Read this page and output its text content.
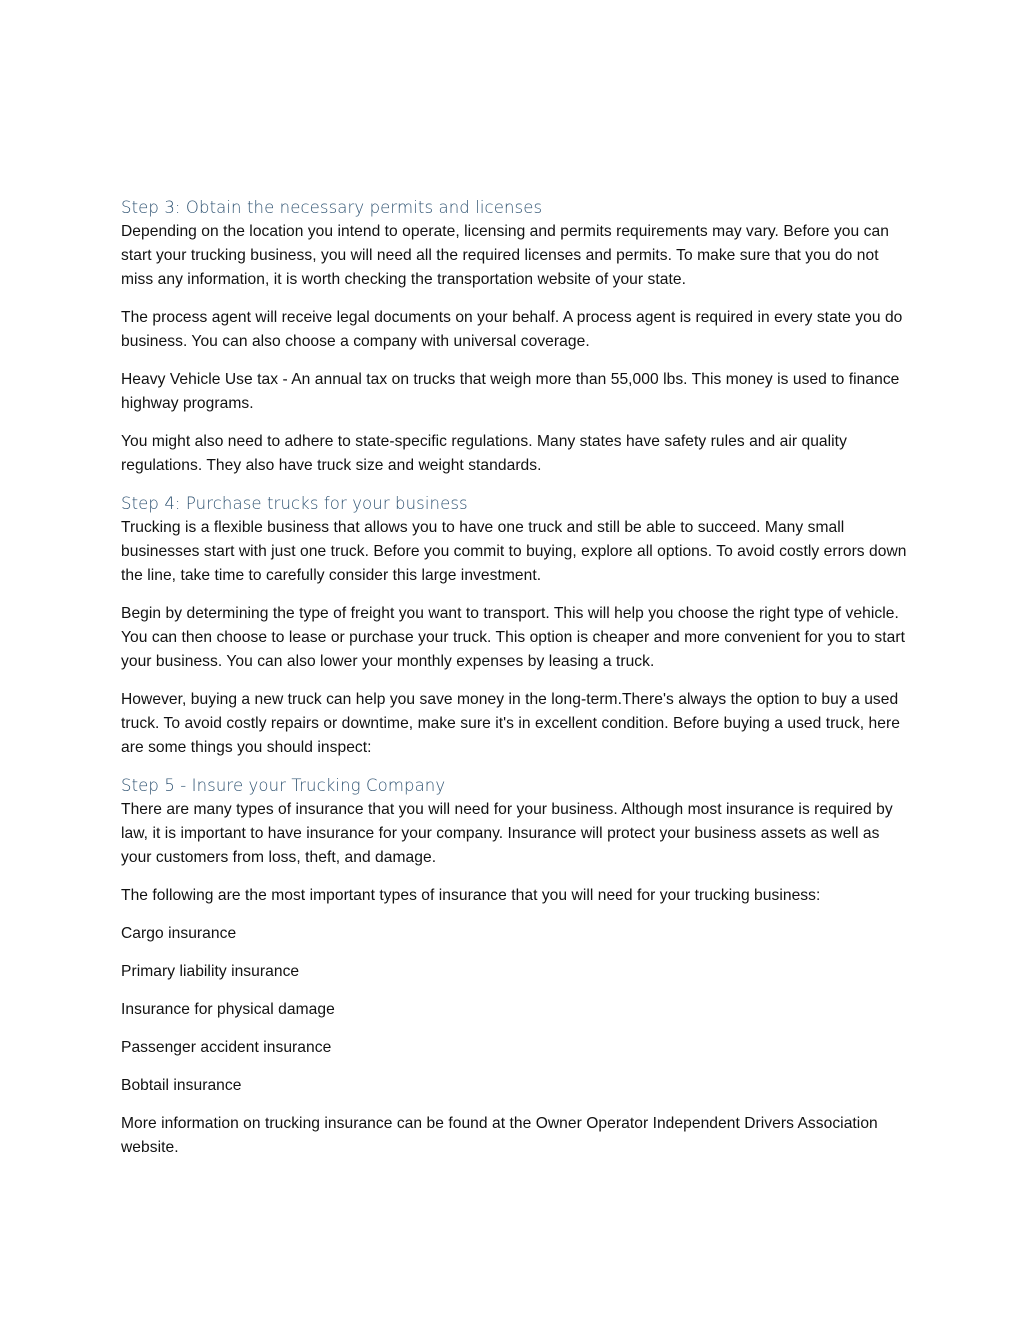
Step 3: Obtain the necessary permits and licenses

Depending on the location you intend to operate, licensing and permits requirements may vary. Before you can start your trucking business, you will need all the required licenses and permits. To make sure that you do not miss any information, it is worth checking the transportation website of your state.

The process agent will receive legal documents on your behalf. A process agent is required in every state you do business. You can also choose a company with universal coverage.

Heavy Vehicle Use tax - An annual tax on trucks that weigh more than 55,000 lbs. This money is used to finance highway programs.

You might also need to adhere to state-specific regulations. Many states have safety rules and air quality regulations. They also have truck size and weight standards.

Step 4: Purchase trucks for your business

Trucking is a flexible business that allows you to have one truck and still be able to succeed. Many small businesses start with just one truck. Before you commit to buying, explore all options. To avoid costly errors down the line, take time to carefully consider this large investment.

Begin by determining the type of freight you want to transport. This will help you choose the right type of vehicle. You can then choose to lease or purchase your truck. This option is cheaper and more convenient for you to start your business. You can also lower your monthly expenses by leasing a truck.

However, buying a new truck can help you save money in the long-term.There's always the option to buy a used truck. To avoid costly repairs or downtime, make sure it's in excellent condition. Before buying a used truck, here are some things you should inspect:

Step 5 - Insure your Trucking Company

There are many types of insurance that you will need for your business. Although most insurance is required by law, it is important to have insurance for your company. Insurance will protect your business assets as well as your customers from loss, theft, and damage.

The following are the most important types of insurance that you will need for your trucking business:

Cargo insurance

Primary liability insurance

Insurance for physical damage

Passenger accident insurance

Bobtail insurance

More information on trucking insurance can be found at the Owner Operator Independent Drivers Association website.
